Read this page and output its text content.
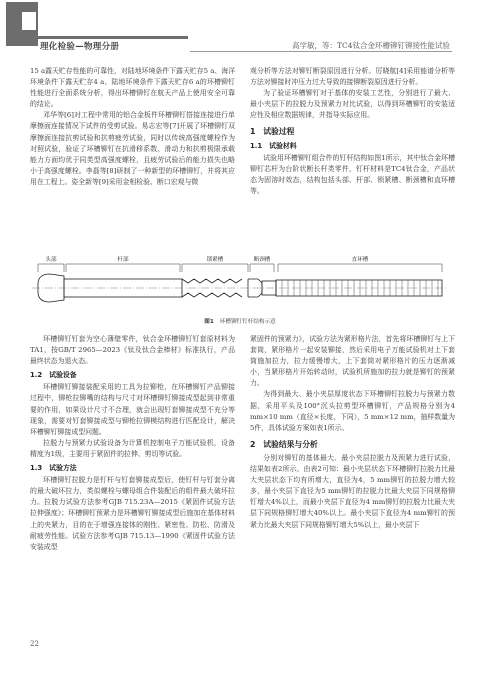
理化检验—物理分册	高学敏，等：TC4钛合金环槽铆钉铆接性能试验

15 a露天贮存性能的可靠性，对陆地环境条件下露天贮存5 a、海洋环境条件下露天贮存4 a、陆地环境条件下露天贮存6 a的环槽铆钉性能进行全面系统分析，得出环槽铆钉在航天产品上使用安全可靠的结论。

邓华等[6]对工程中常用的铝合金板件环槽铆钉搭接连接进行单摩擦面连接情况下试件的受剪试验。易志宏等[7]开展了环槽铆钉双摩擦面连接抗剪试验和抗剪疲劳试验，同时以传统高强度螺栓作为对照试验，验证了环槽铆钉在抗滑移系数、滑动力和抗剪极限承载能力方面均优于同类型高强度螺栓，且疲劳试验后的能力损失也略小于高强度螺栓。李磊等[8]研制了一种新型的环槽铆钉，并将其应用在工程上。姿全新等[9]采用金相检验、断口宏观与微

观分析等方法对铆钉断裂原因进行分析。厉晓航[4]采用能谱分析等方法对铆接时冲压力过大导致的接铆断裂原因进行分析。

为了验证环槽铆钉对于基体的安装工艺性，分别进行了最大、最小夹层下的拉脱力及预紧力对比试验，以得到环槽铆钉的安装适应性及相应数据规律，并指导实际应用。

1　试验过程
1.1　试验材料

试验用环槽铆钉组合件的钉杆结构如图1所示，其中钛合金环槽铆钉芯杆为台阶状断长杆类零件，钉杆材料是TC4钛合金，产品状态为固溶时效态，结构包括头部、杆部、锁紧槽、断颈槽和直环槽等。

头部	杆部	锁紧槽	断颈槽	直环槽
图1 环槽铆钉钉杆结构示意

环槽铆钉钉套为空心薄壁零件，钛合金环槽铆钉钉套原材料为TA1，按GB/T 2965—2023《钛及钛合金棒材》标准执行，产品最终状态为退火态。

1.2　试验设备

环槽铆钉铆接装配采用的工具为拉铆枪，在环槽铆钉产品铆接过程中，铆枪拉铆嘴的结构与尺寸对环槽铆钉铆接成型起到非常重要的作用，如果设计尺寸不合理，就会出现钉套铆接成型不充分等现象，需要对钉套铆接成型与铆枪拉铆模结构进行匹配设计，解决环槽铆钉铆接成型问题。

拉脱力与预紧力试验设备为计算机控制电子万能试验机，设备精度为1级，主要用于紧固件的拉伸、剪切等试验。

1.3　试验方法

环槽铆钉拉脱力是钉杆与钉套铆接成型后，使钉杆与钉套分离的最大破坏拉力，类似螺栓与螺母组合件装配后的组件最大破坏拉力。拉脱力试验方法参考GJB 715.23A—2015《紧固件试验方法 拉伸强度》；环槽铆钉预紧力是环槽铆钉铆接成型后施加在基体材料上的夹紧力，目的在于增强连接体的刚性、紧密性、防松、防滑及耐疲劳性能。试验方法参考GJB 715.13—1990《紧固件试验方法 安装成型

紧固件的预紧力》，试验方法为紧形格片法，首先将环槽铆钉与上下套筒，紧形格片一起安装铆接，然后采用电子万能试验机对上下套筒施加拉力，拉力缓慢增大，上下套筒对紧形格片的压力逐渐减小，当紧形格片开始转动时，试验机所施加的拉力就是铆钉的预紧力。

为得到最大、最小夹层厚度状态下环槽铆钉拉脱力与预紧力数据，采用平头及100°沉头拉剪型环槽铆钉，产品规格分别为4 mm×10 mm（直径×长度，下同），5 mm×12 mm，抽样数量为5件，具体试验方案如表1所示。

2　试验结果与分析

分别对铆钉的基体最大、最小夹层拉脱力及预紧力进行试验，结果如表2所示。由表2可知：最小夹层状态下环槽铆钉拉脱力比最大夹层状态下均有所增大，直径为4，5 mm铆钉的拉脱力增大较多，最小夹层下直径为5 mm铆钉的拉脱力比最大夹层下同规格铆钉增大4%以上，而最小夹层下直径为4 mm铆钉的拉脱力比最大夹层下同规格铆钉增大40%以上。最小夹层下直径为4 mm铆钉的预紧力比最大夹层下同规格铆钉增大5%以上，最小夹层下

22
